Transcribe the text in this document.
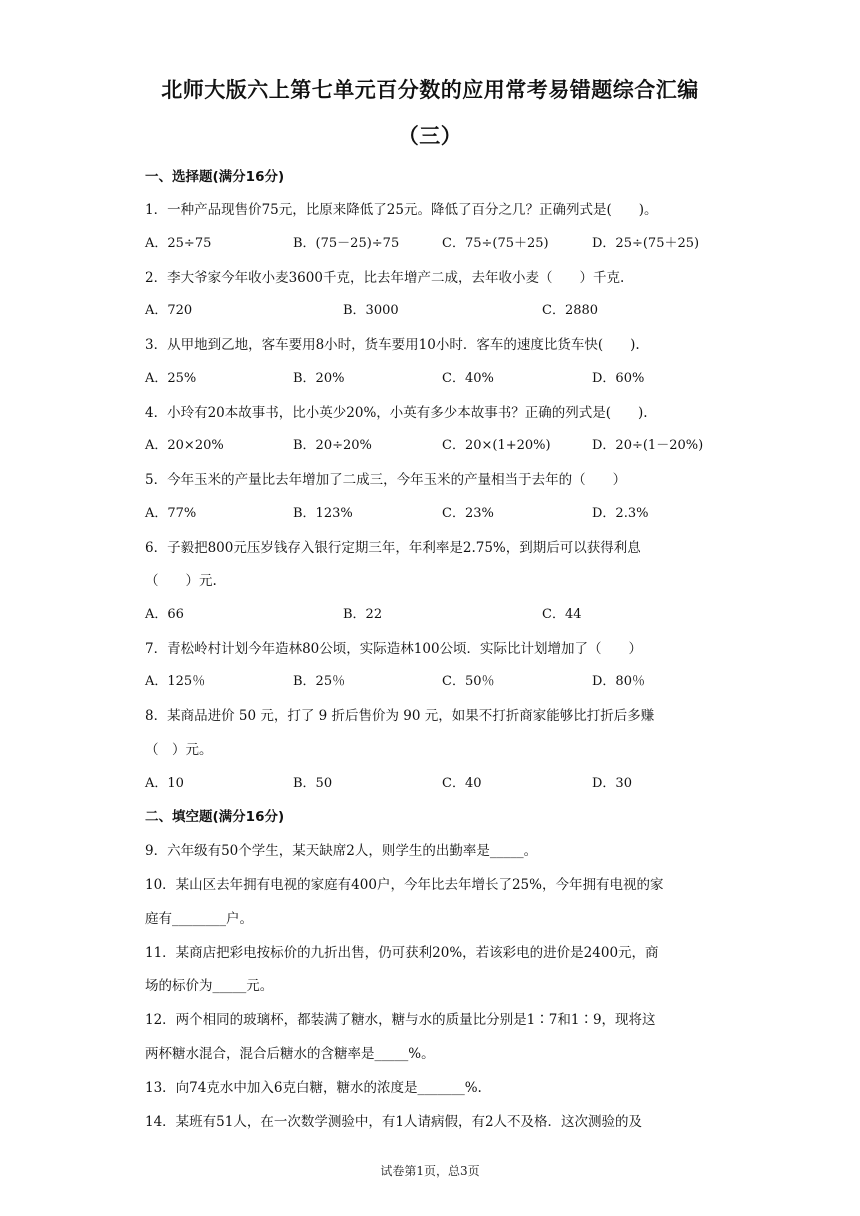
北师大版六上第七单元百分数的应用常考易错题综合汇编
（三）
一、选择题(满分16分)
1．一种产品现售价75元，比原来降低了25元。降低了百分之几？正确列式是(　　)。
A．25÷75	B．(75－25)÷75	C．75÷(75＋25)	D．25÷(75＋25)
2．李大爷家今年收小麦3600千克，比去年增产二成，去年收小麦（　　）千克.
A．720	B．3000	C．2880
3．从甲地到乙地，客车要用8小时，货车要用10小时．客车的速度比货车快(　　).
A．25%	B．20%	C．40%	D．60%
4．小玲有20本故事书，比小英少20%，小英有多少本故事书？正确的列式是(　　).
A．20×20%	B．20÷20%	C．20×(1+20%)	D．20÷(1－20%)
5．今年玉米的产量比去年增加了二成三，今年玉米的产量相当于去年的（　　）
A．77%	B．123%	C．23%	D．2.3%
6．子毅把800元压岁钱存入银行定期三年，年利率是2.75%，到期后可以获得利息
（　　）元.
A．66	B．22	C．44
7．青松岭村计划今年造林80公顷，实际造林100公顷．实际比计划增加了（　　）
A．125％	B．25％	C．50％	D．80％
8．某商品进价 50 元，打了 9 折后售价为 90 元，如果不打折商家能够比打折后多赚
（　）元。
A．10	B．50	C．40	D．30
二、填空题(满分16分)
9．六年级有50个学生，某天缺席2人，则学生的出勤率是_____。
10．某山区去年拥有电视的家庭有400户，今年比去年增长了25%，今年拥有电视的家
庭有________户。
11．某商店把彩电按标价的九折出售，仍可获利20%，若该彩电的进价是2400元，商
场的标价为_____元。
12．两个相同的玻璃杯，都装满了糖水，糖与水的质量比分别是1∶7和1∶9，现将这
两杯糖水混合，混合后糖水的含糖率是_____%。
13．向74克水中加入6克白糖，糖水的浓度是_______%.
14．某班有51人，在一次数学测验中，有1人请病假，有2人不及格．这次测验的及
试卷第1页，总3页
